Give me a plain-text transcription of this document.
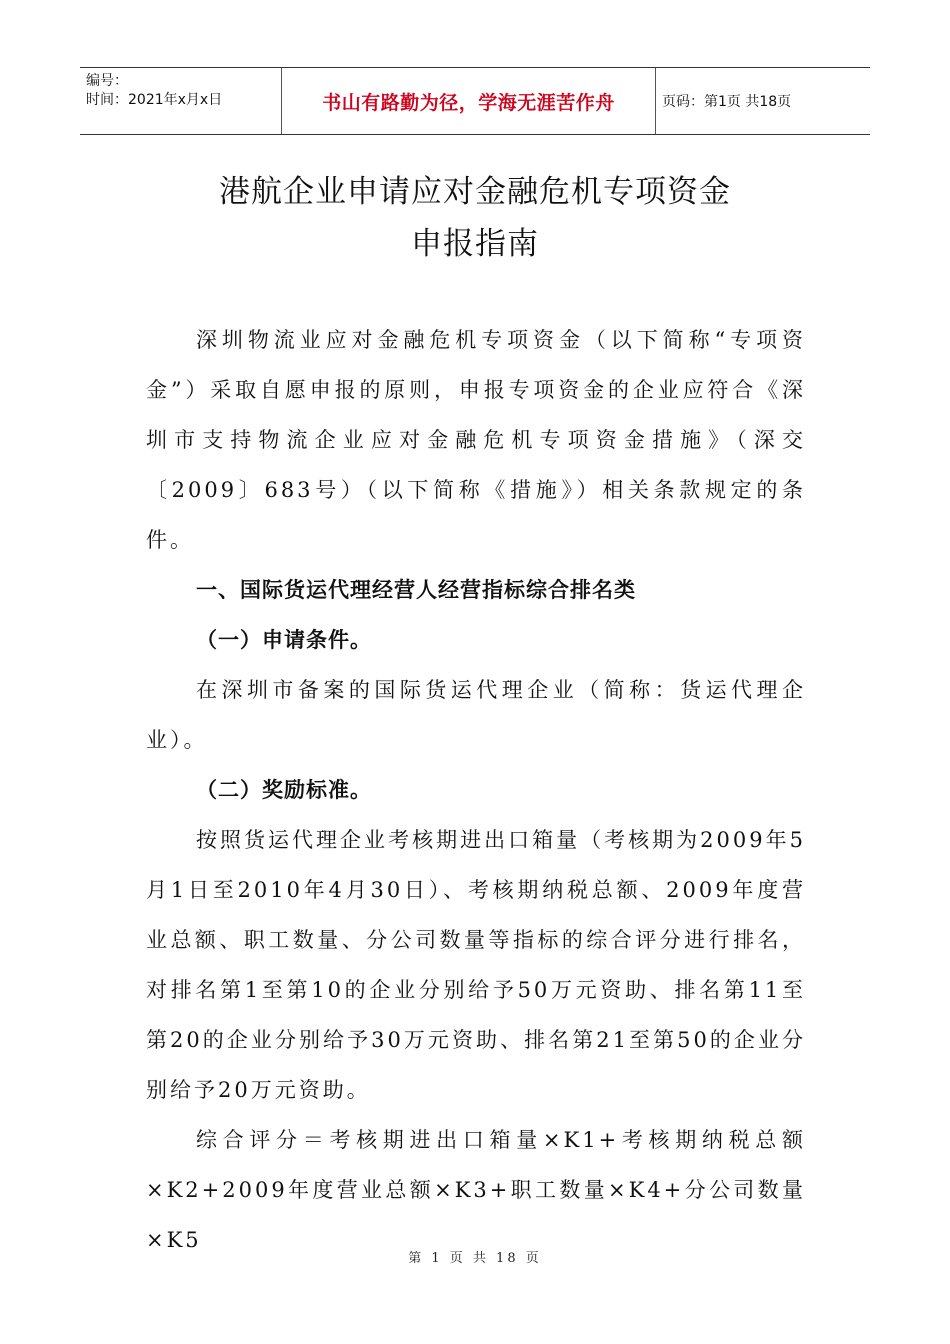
编号：
时间：2021年x月x日	书山有路勤为径，学海无涯苦作舟	页码：第1页 共18页
港航企业申请应对金融危机专项资金
申报指南

深圳物流业应对金融危机专项资金（以下简称“专项资金”）采取自愿申报的原则，申报专项资金的企业应符合《深圳市支持物流企业应对金融危机专项资金措施》（深交〔2009〕683号）（以下简称《措施》）相关条款规定的条件。

一、国际货运代理经营人经营指标综合排名类

（一）申请条件。

在深圳市备案的国际货运代理企业（简称：货运代理企业）。

（二）奖励标准。

按照货运代理企业考核期进出口箱量（考核期为2009年5月1日至2010年4月30日）、考核期纳税总额、2009年度营业总额、职工数量、分公司数量等指标的综合评分进行排名，对排名第1至第10的企业分别给予50万元资助、排名第11至第20的企业分别给予30万元资助、排名第21至第50的企业分别给予20万元资助。

综合评分＝考核期进出口箱量×K1+考核期纳税总额×K2+2009年度营业总额×K3+职工数量×K4+分公司数量×K5

第 1 页 共 18 页
